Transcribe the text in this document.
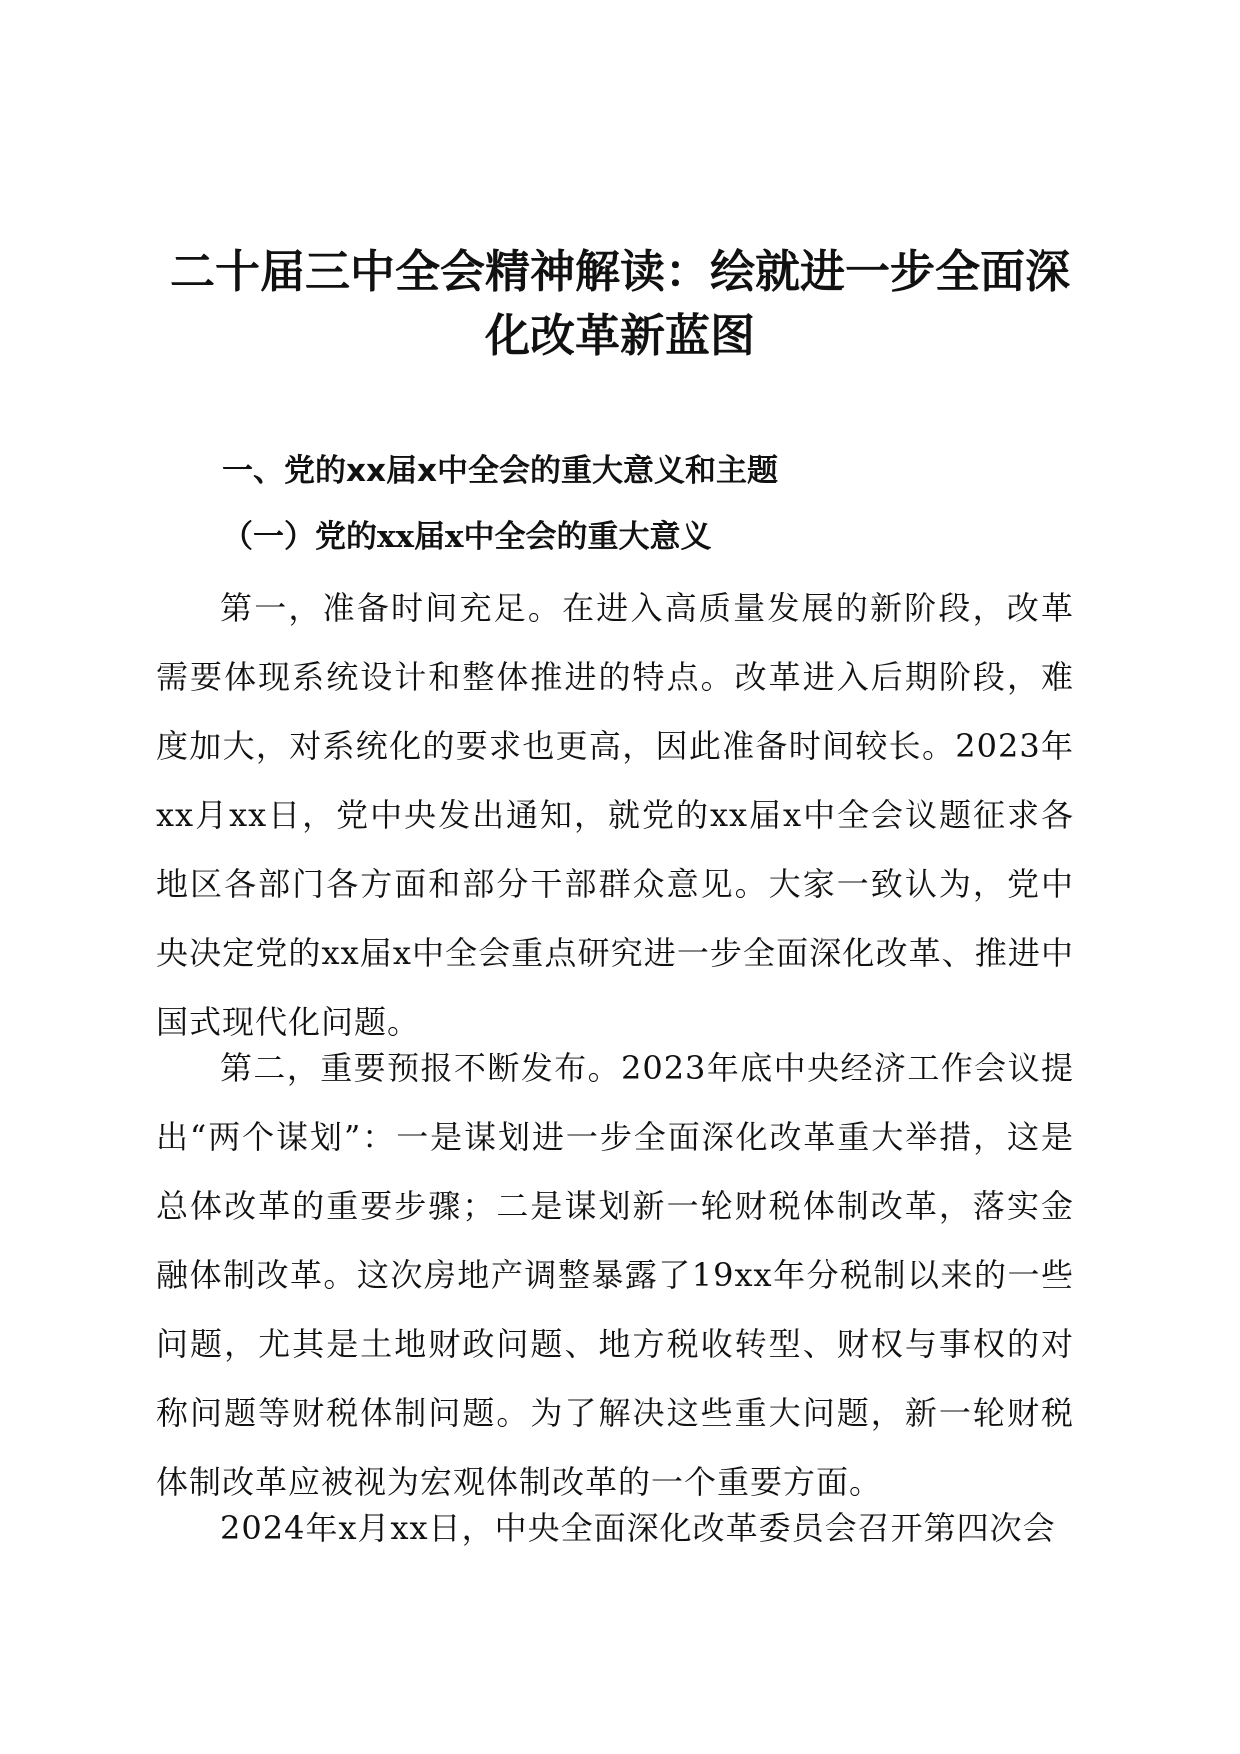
二十届三中全会精神解读：绘就进一步全面深化改革新蓝图
一、党的xx届x中全会的重大意义和主题
（一）党的xx届x中全会的重大意义

第一，准备时间充足。在进入高质量发展的新阶段，改革需要体现系统设计和整体推进的特点。改革进入后期阶段，难度加大，对系统化的要求也更高，因此准备时间较长。2023年xx月xx日，党中央发出通知，就党的xx届x中全会议题征求各地区各部门各方面和部分干部群众意见。大家一致认为，党中央决定党的xx届x中全会重点研究进一步全面深化改革、推进中国式现代化问题。

第二，重要预报不断发布。2023年底中央经济工作会议提出“两个谋划”：一是谋划进一步全面深化改革重大举措，这是总体改革的重要步骤；二是谋划新一轮财税体制改革，落实金融体制改革。这次房地产调整暴露了19xx年分税制以来的一些问题，尤其是土地财政问题、地方税收转型、财权与事权的对称问题等财税体制问题。为了解决这些重大问题，新一轮财税体制改革应被视为宏观体制改革的一个重要方面。

2024年x月xx日，中央全面深化改革委员会召开第四次会
